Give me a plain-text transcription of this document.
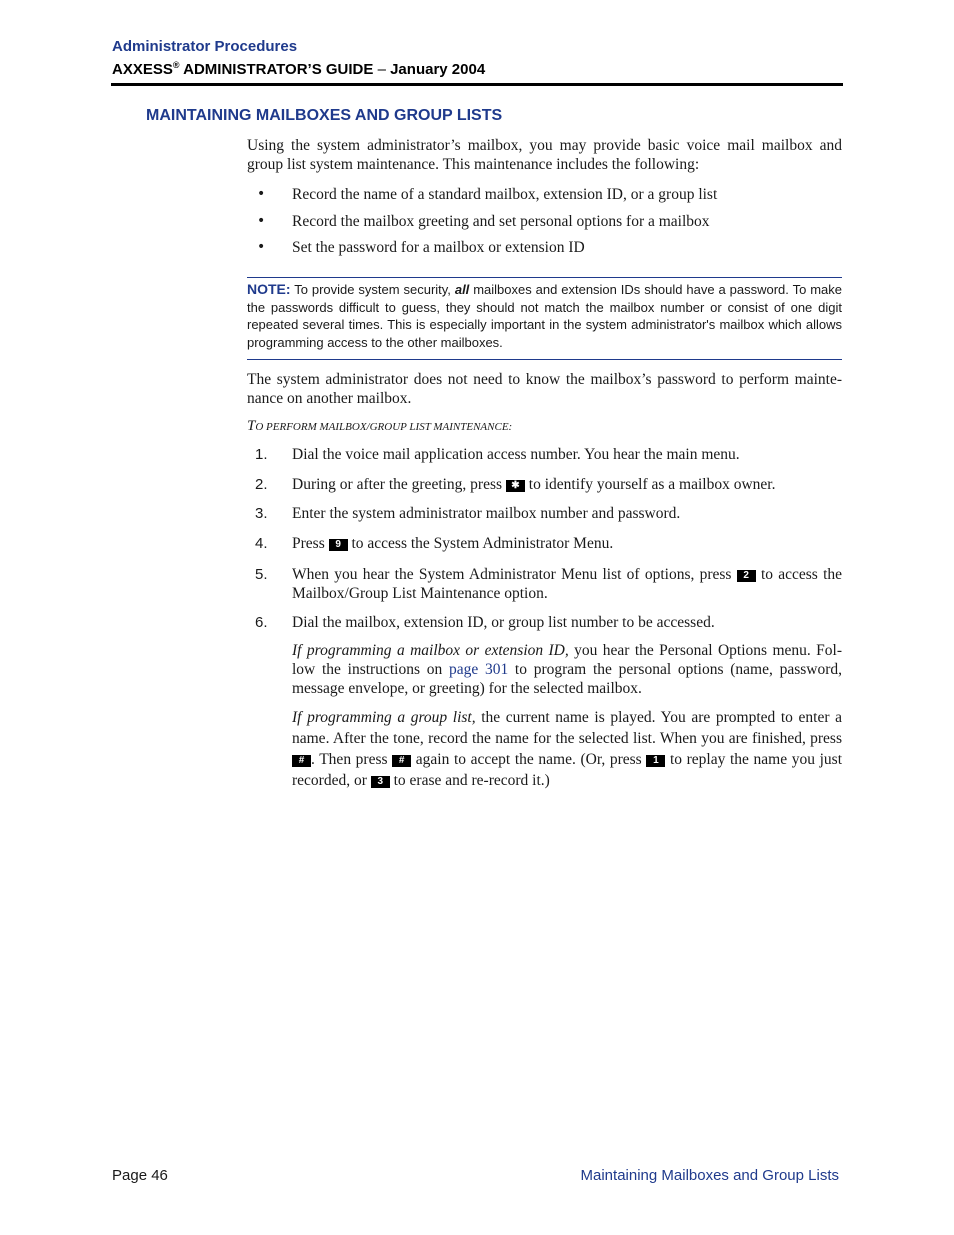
Administrator Procedures
AXXESS® ADMINISTRATOR’S GUIDE – January 2004
MAINTAINING MAILBOXES AND GROUP LISTS
Using the system administrator’s mailbox, you may provide basic voice mail mailbox and group list system maintenance. This maintenance includes the following:
• Record the name of a standard mailbox, extension ID, or a group list
• Record the mailbox greeting and set personal options for a mailbox
• Set the password for a mailbox or extension ID
NOTE: To provide system security, all mailboxes and extension IDs should have a password. To make the passwords difficult to guess, they should not match the mailbox number or consist of one digit repeated several times. This is especially important in the system administrator's mailbox which allows programming access to the other mailboxes.
The system administrator does not need to know the mailbox’s password to perform mainte-nance on another mailbox.
TO PERFORM MAILBOX/GROUP LIST MAINTENANCE:
1. Dial the voice mail application access number. You hear the main menu.
2. During or after the greeting, press ✱ to identify yourself as a mailbox owner.
3. Enter the system administrator mailbox number and password.
4. Press 9 to access the System Administrator Menu.
5. When you hear the System Administrator Menu list of options, press 2 to access the Mailbox/Group List Maintenance option.
6. Dial the mailbox, extension ID, or group list number to be accessed.
If programming a mailbox or extension ID, you hear the Personal Options menu. Fol-low the instructions on page 301 to program the personal options (name, password, message envelope, or greeting) for the selected mailbox.
If programming a group list, the current name is played. You are prompted to enter a name. After the tone, record the name for the selected list. When you are finished, press # . Then press # again to accept the name. (Or, press 1 to replay the name you just recorded, or 3 to erase and re-record it.)
Page 46	Maintaining Mailboxes and Group Lists
